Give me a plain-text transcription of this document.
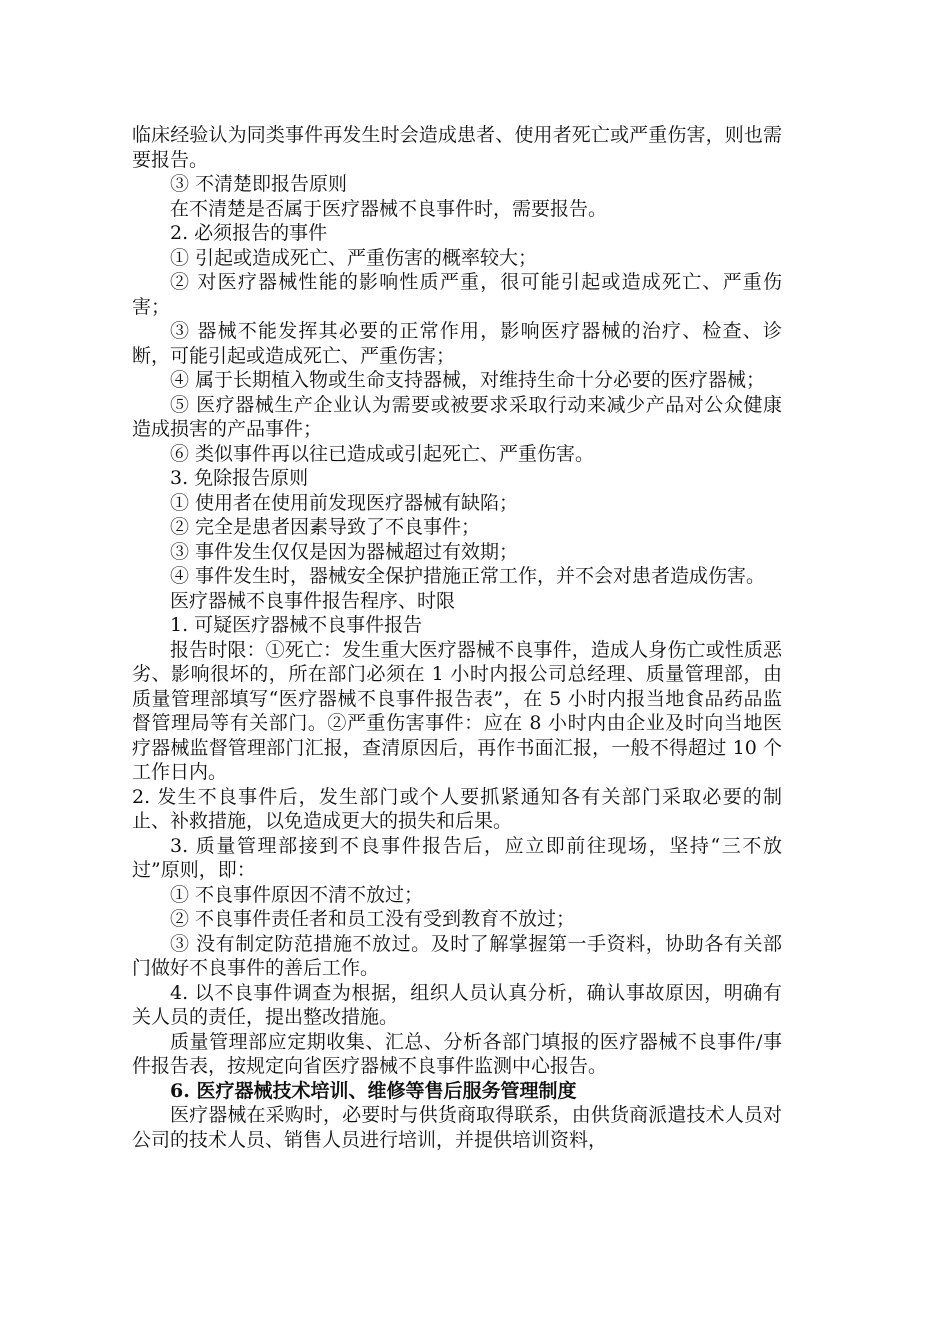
临床经验认为同类事件再发生时会造成患者、使用者死亡或严重伤害，则也需要报告。

③ 不清楚即报告原则

在不清楚是否属于医疗器械不良事件时，需要报告。

2. 必须报告的事件

① 引起或造成死亡、严重伤害的概率较大；

② 对医疗器械性能的影响性质严重，很可能引起或造成死亡、严重伤害；

③ 器械不能发挥其必要的正常作用，影响医疗器械的治疗、检查、诊断，可能引起或造成死亡、严重伤害；

④ 属于长期植入物或生命支持器械，对维持生命十分必要的医疗器械；

⑤ 医疗器械生产企业认为需要或被要求采取行动来减少产品对公众健康造成损害的产品事件；

⑥ 类似事件再以往已造成或引起死亡、严重伤害。

3. 免除报告原则

① 使用者在使用前发现医疗器械有缺陷；

② 完全是患者因素导致了不良事件；

③ 事件发生仅仅是因为器械超过有效期；

④ 事件发生时，器械安全保护措施正常工作，并不会对患者造成伤害。

医疗器械不良事件报告程序、时限

1. 可疑医疗器械不良事件报告

报告时限：①死亡：发生重大医疗器械不良事件，造成人身伤亡或性质恶劣、影响很坏的，所在部门必须在 1 小时内报公司总经理、质量管理部，由质量管理部填写“医疗器械不良事件报告表”，在 5 小时内报当地食品药品监督管理局等有关部门。②严重伤害事件：应在 8 小时内由企业及时向当地医疗器械监督管理部门汇报，查清原因后，再作书面汇报，一般不得超过 10 个工作日内。

2. 发生不良事件后，发生部门或个人要抓紧通知各有关部门采取必要的制止、补救措施，以免造成更大的损失和后果。

3. 质量管理部接到不良事件报告后，应立即前往现场，坚持“三不放过”原则，即：

① 不良事件原因不清不放过；

② 不良事件责任者和员工没有受到教育不放过；

③ 没有制定防范措施不放过。及时了解掌握第一手资料，协助各有关部门做好不良事件的善后工作。

4. 以不良事件调查为根据，组织人员认真分析，确认事故原因，明确有关人员的责任，提出整改措施。

质量管理部应定期收集、汇总、分析各部门填报的医疗器械不良事件/事件报告表，按规定向省医疗器械不良事件监测中心报告。

6. 医疗器械技术培训、维修等售后服务管理制度

医疗器械在采购时，必要时与供货商取得联系，由供货商派遣技术人员对公司的技术人员、销售人员进行培训，并提供培训资料，
